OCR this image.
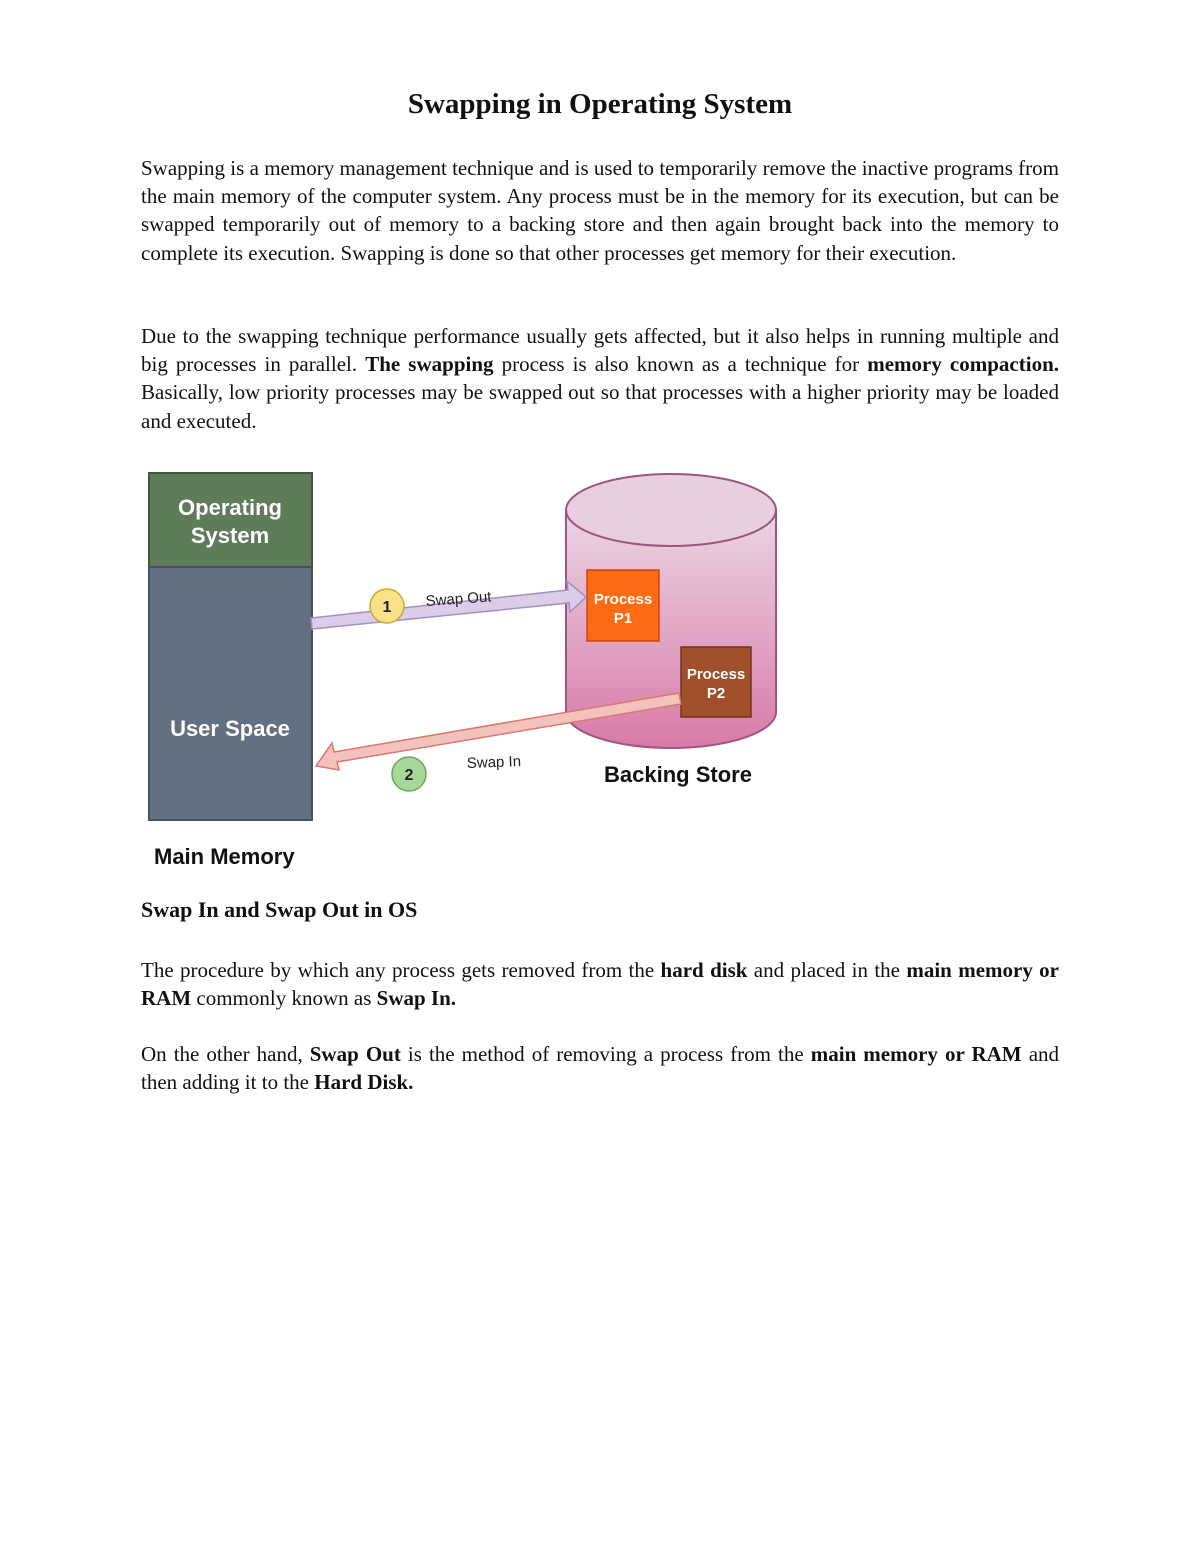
Swapping in Operating System

Swapping is a memory management technique and is used to temporarily remove the inactive programs from the main memory of the computer system. Any process must be in the memory for its execution, but can be swapped temporarily out of memory to a backing store and then again brought back into the memory to complete its execution. Swapping is done so that other processes get memory for their execution.

Due to the swapping technique performance usually gets affected, but it also helps in running multiple and big processes in parallel. The swapping process is also known as a technique for memory compaction. Basically, low priority processes may be swapped out so that processes with a higher priority may be loaded and executed.

Operating
System
User Space
Process
P1
Process
P2
1
2
Swap Out
Swap In	Backing Store
Main Memory
Swap In and Swap Out in OS

The procedure by which any process gets removed from the hard disk and placed in the main memory or RAM commonly known as Swap In.

On the other hand, Swap Out is the method of removing a process from the main memory or RAM and then adding it to the Hard Disk.
